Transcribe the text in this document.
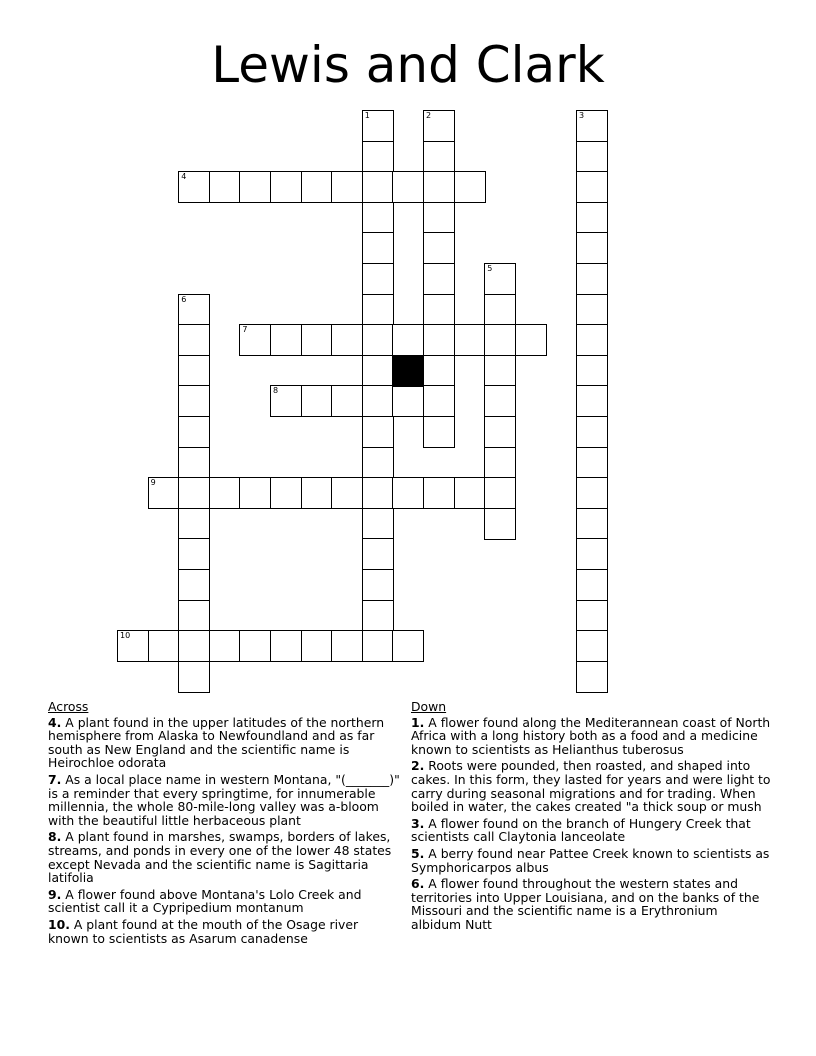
Lewis and Clark
1	2	3
4
5
6
7
8
9
10
Across
4. A plant found in the upper latitudes of the northern hemisphere from Alaska to Newfoundland and as far south as New England and the scientific name is Heirochloe odorata
7. As a local place name in western Montana, "(_______)" is a reminder that every springtime, for innumerable millennia, the whole 80-mile-long valley was a-bloom with the beautiful little herbaceous plant
8. A plant found in marshes, swamps, borders of lakes, streams, and ponds in every one of the lower 48 states except Nevada and the scientific name is Sagittaria latifolia
9. A flower found above Montana's Lolo Creek and scientist call it a Cypripedium montanum
10. A plant found at the mouth of the Osage river known to scientists as Asarum canadense
Down
1. A flower found along the Mediterannean coast of North Africa with a long history both as a food and a medicine known to scientists as Helianthus tuberosus
2. Roots were pounded, then roasted, and shaped into cakes. In this form, they lasted for years and were light to carry during seasonal migrations and for trading. When boiled in water, the cakes created "a thick soup or mush
3. A flower found on the branch of Hungery Creek that scientists call Claytonia lanceolate
5. A berry found near Pattee Creek known to scientists as Symphoricarpos albus
6. A flower found throughout the western states and territories into Upper Louisiana, and on the banks of the Missouri and the scientific name is a Erythronium albidum Nutt
